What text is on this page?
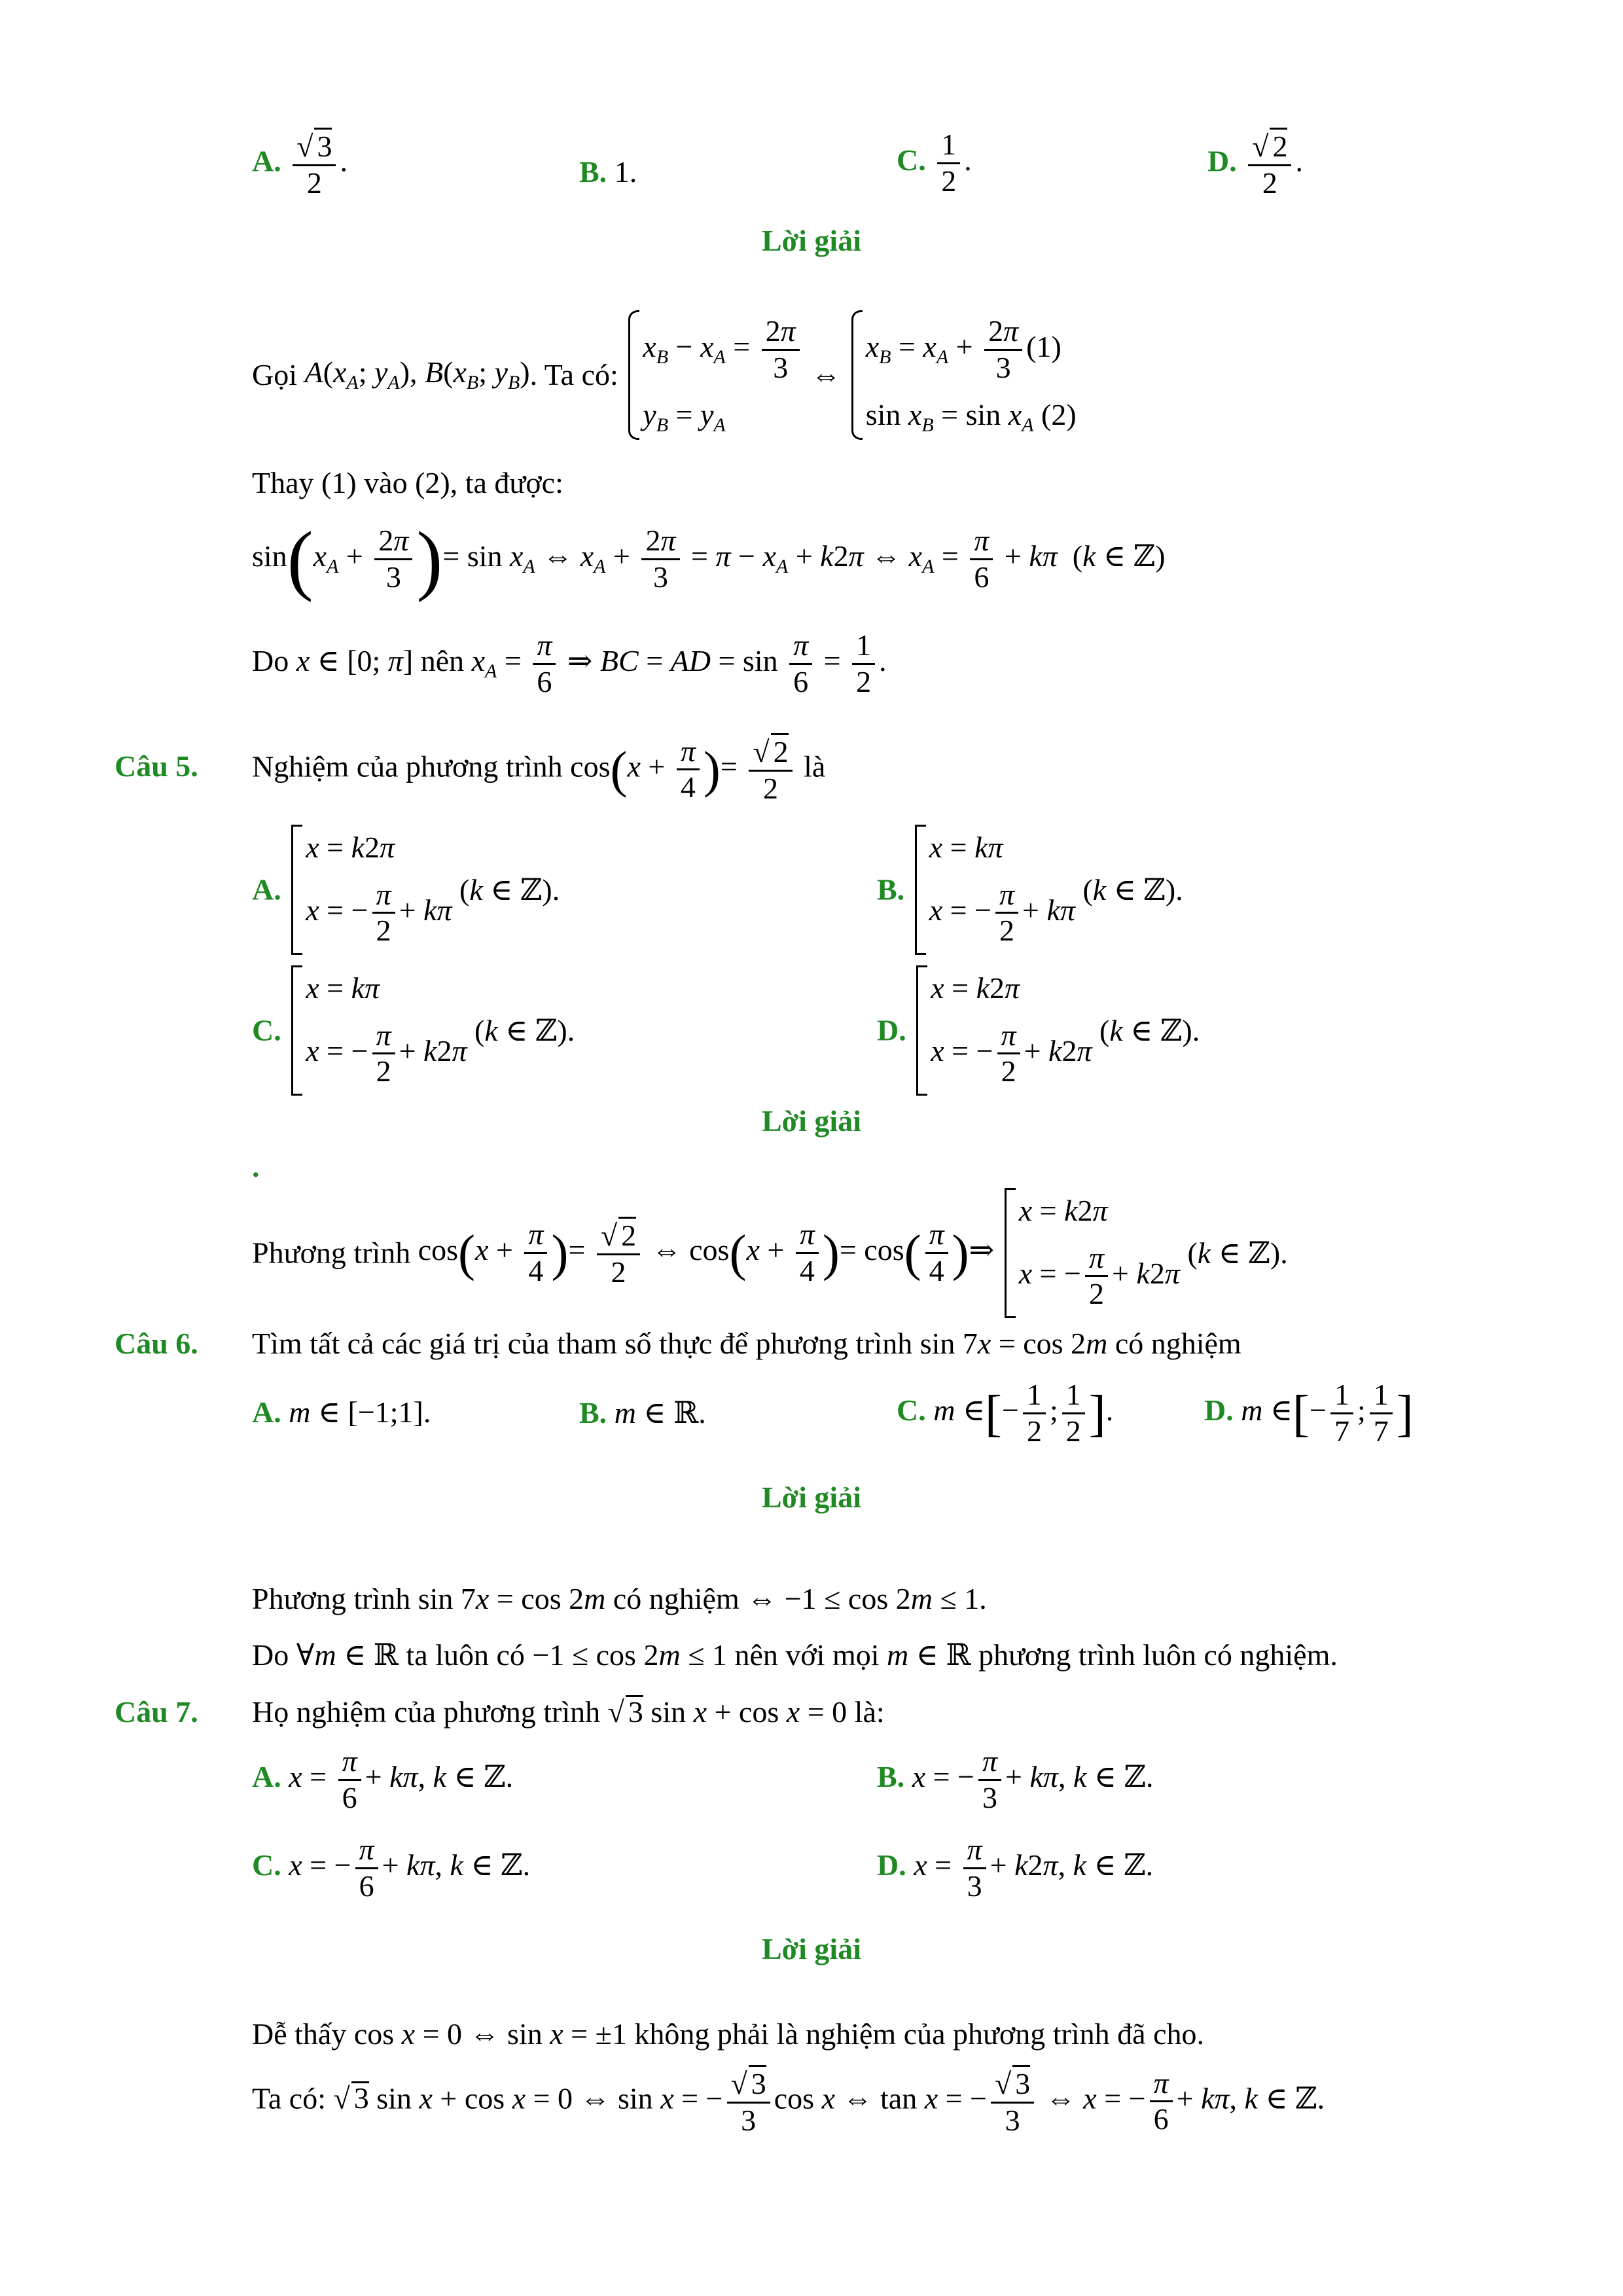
A. $\frac{√ 3}{2}$ .	B. 1.	C. $\frac{1}{2}$ .	D. $\frac{√ 2}{2}$ .
Lời giải
Gọi $A(x_A$; $y_A$), $B(x_B$; $y_B$). Ta có:
$x_B - x_A = \frac{2\pi}{3}$
$y_B = y_A$
⇔
$x_B = x_A + \frac{2\pi}{3} (1)$
$\sin x_B = \sin x_A$ (2)
Thay (1) vào (2), ta được:
$\sin(x_A + \frac{2\pi}{3}$ )= $\sin x_A$ ⇔ $x_A + \frac{2\pi}{3} = \pi - x_A + k2\pi$ ⇔ $x_A = \frac{\pi}{6} + k\pi$  (k ∈ ℤ)
Do x ∈ [0; π] nên $x_A = \frac{\pi}{6}$ ⇒ BC = AD = $\sin \frac{\pi}{6} = \frac{1}{2}$ .
Câu 5. Nghiệm của phương trình $\cos(x + \frac{\pi}{4}$ )= $\frac{√ 2}{2}$ là
A.
x = k2π
x = − $\frac{\pi}{2} + k\pi$
(k ∈ ℤ).	B.
x = kπ
x = − $\frac{\pi}{2} + k\pi$
(k ∈ ℤ).
C.
x = kπ
x = − $\frac{\pi}{2} + k2\pi$
(k ∈ ℤ).	D.
x = k2π
x = − $\frac{\pi}{2} + k2\pi$
(k ∈ ℤ).
Lời giải
.
Phương trình $\cos(x + \frac{\pi}{4}$ )= $\frac{√ 2}{2}$ ⇔ $\cos(x + \frac{\pi}{4}$ )= $\cos( \frac{\pi}{4}$ )⇒
x = k2π
x = − $\frac{\pi}{2} + k2\pi$
(k ∈ ℤ).
Câu 6. Tìm tất cả các giá trị của tham số thực để phương trình sin 7x = cos 2m có nghiệm
A. m ∈ [−1;1].	B. m ∈ ℝ.	C. m ∈[− $\frac{1}{2}$ ; $\frac{1}{2}$ ].	D. m ∈[− $\frac{1}{7}$ ; $\frac{1}{7}$ ]
Lời giải
Phương trình sin 7x = cos 2m có nghiệm ⇔ −1 ≤ cos 2m ≤ 1.
Do ∀m ∈ ℝ ta luôn có −1 ≤ cos 2m ≤ 1 nên với mọi m ∈ ℝ phương trình luôn có nghiệm.
Câu 7. Họ nghiệm của phương trình √ 3 sin x + cos x = 0 là:
A. $x = \frac{\pi}{6} + k\pi$, k ∈ ℤ.	B. x = − $\frac{\pi}{3} + k\pi$, k ∈ ℤ.
C. x = − $\frac{\pi}{6} + k\pi$, k ∈ ℤ.	D. $x = \frac{\pi}{3} + k2\pi$, k ∈ ℤ.
Lời giải
Dễ thấy cos x = 0 ⇔ sin x = ±1 không phải là nghiệm của phương trình đã cho.
Ta có: √ 3 sin x + cos x = 0 ⇔ sin x = − $\frac{√ 3}{3}$ cos x ⇔ tan x = − $\frac{√ 3}{3}$ ⇔ x = − $\frac{\pi}{6} + k\pi$, k ∈ ℤ.
